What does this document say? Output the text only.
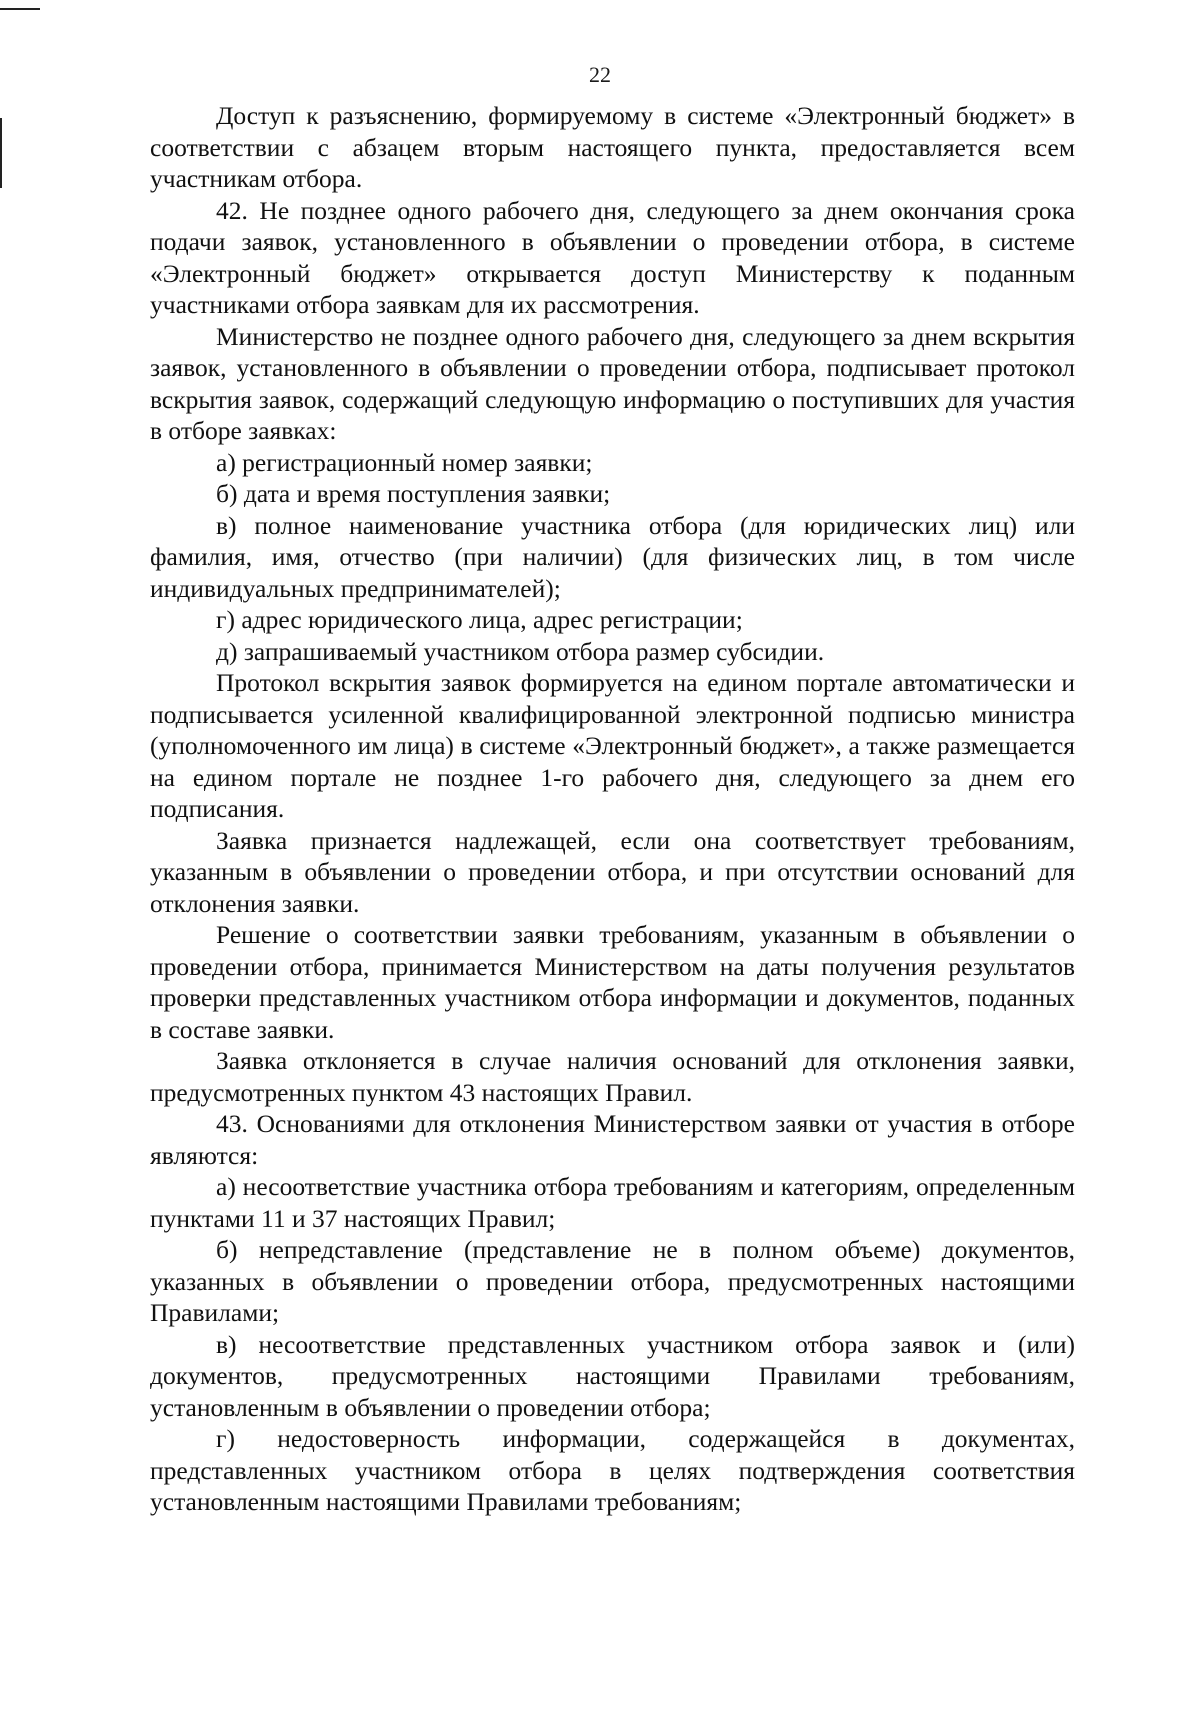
22

Доступ к разъяснению, формируемому в системе «Электронный бюджет» в соответствии с абзацем вторым настоящего пункта, предоставляется всем участникам отбора.

42. Не позднее одного рабочего дня, следующего за днем окончания срока подачи заявок, установленного в объявлении о проведении отбора, в системе «Электронный бюджет» открывается доступ Министерству к поданным участниками отбора заявкам для их рассмотрения.

Министерство не позднее одного рабочего дня, следующего за днем вскрытия заявок, установленного в объявлении о проведении отбора, подписывает протокол вскрытия заявок, содержащий следующую информацию о поступивших для участия в отборе заявках:

а) регистрационный номер заявки;

б) дата и время поступления заявки;

в) полное наименование участника отбора (для юридических лиц) или фамилия, имя, отчество (при наличии) (для физических лиц, в том числе индивидуальных предпринимателей);

г) адрес юридического лица, адрес регистрации;

д) запрашиваемый участником отбора размер субсидии.

Протокол вскрытия заявок формируется на едином портале автоматически и подписывается усиленной квалифицированной электронной подписью министра (уполномоченного им лица) в системе «Электронный бюджет», а также размещается на едином портале не позднее 1-го рабочего дня, следующего за днем его подписания.

Заявка признается надлежащей, если она соответствует требованиям, указанным в объявлении о проведении отбора, и при отсутствии оснований для отклонения заявки.

Решение о соответствии заявки требованиям, указанным в объявлении о проведении отбора, принимается Министерством на даты получения результатов проверки представленных участником отбора информации и документов, поданных в составе заявки.

Заявка отклоняется в случае наличия оснований для отклонения заявки, предусмотренных пунктом 43 настоящих Правил.

43. Основаниями для отклонения Министерством заявки от участия в отборе являются:

а) несоответствие участника отбора требованиям и категориям, определенным пунктами 11 и 37 настоящих Правил;

б) непредставление (представление не в полном объеме) документов, указанных в объявлении о проведении отбора, предусмотренных настоящими Правилами;

в) несоответствие представленных участником отбора заявок и (или) документов, предусмотренных настоящими Правилами требованиям, установленным в объявлении о проведении отбора;

г) недостоверность информации, содержащейся в документах, представленных участником отбора в целях подтверждения соответствия установленным настоящими Правилами требованиям;
